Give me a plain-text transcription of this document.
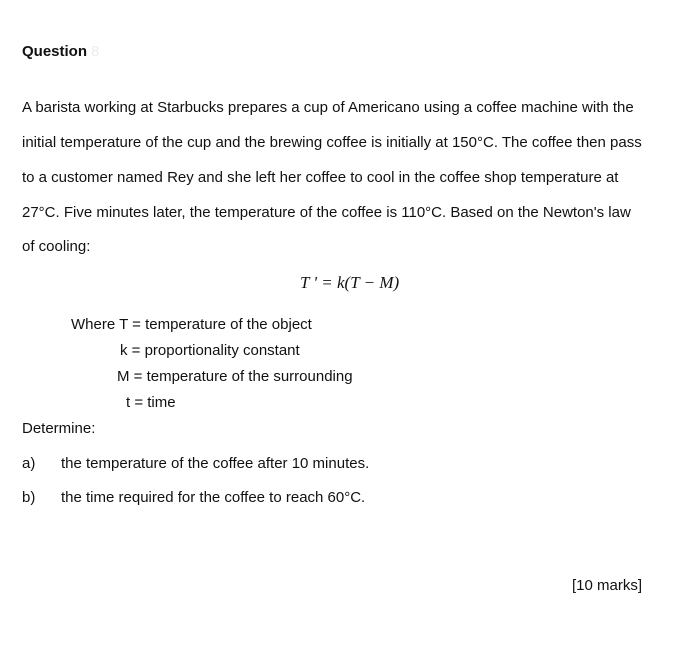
Question 8
A barista working at Starbucks prepares a cup of Americano using a coffee machine with the
initial temperature of the cup and the brewing coffee is initially at 150°C. The coffee then pass
to a customer named Rey and she left her coffee to cool in the coffee shop temperature at
27°C. Five minutes later, the temperature of the coffee is 110°C. Based on the Newton's law
of cooling:
T ' = k(T − M)
Where T = temperature of the object
k = proportionality constant
M = temperature of the surrounding
t = time
Determine:
a) the temperature of the coffee after 10 minutes.
b) the time required for the coffee to reach 60°C.
[10 marks]
